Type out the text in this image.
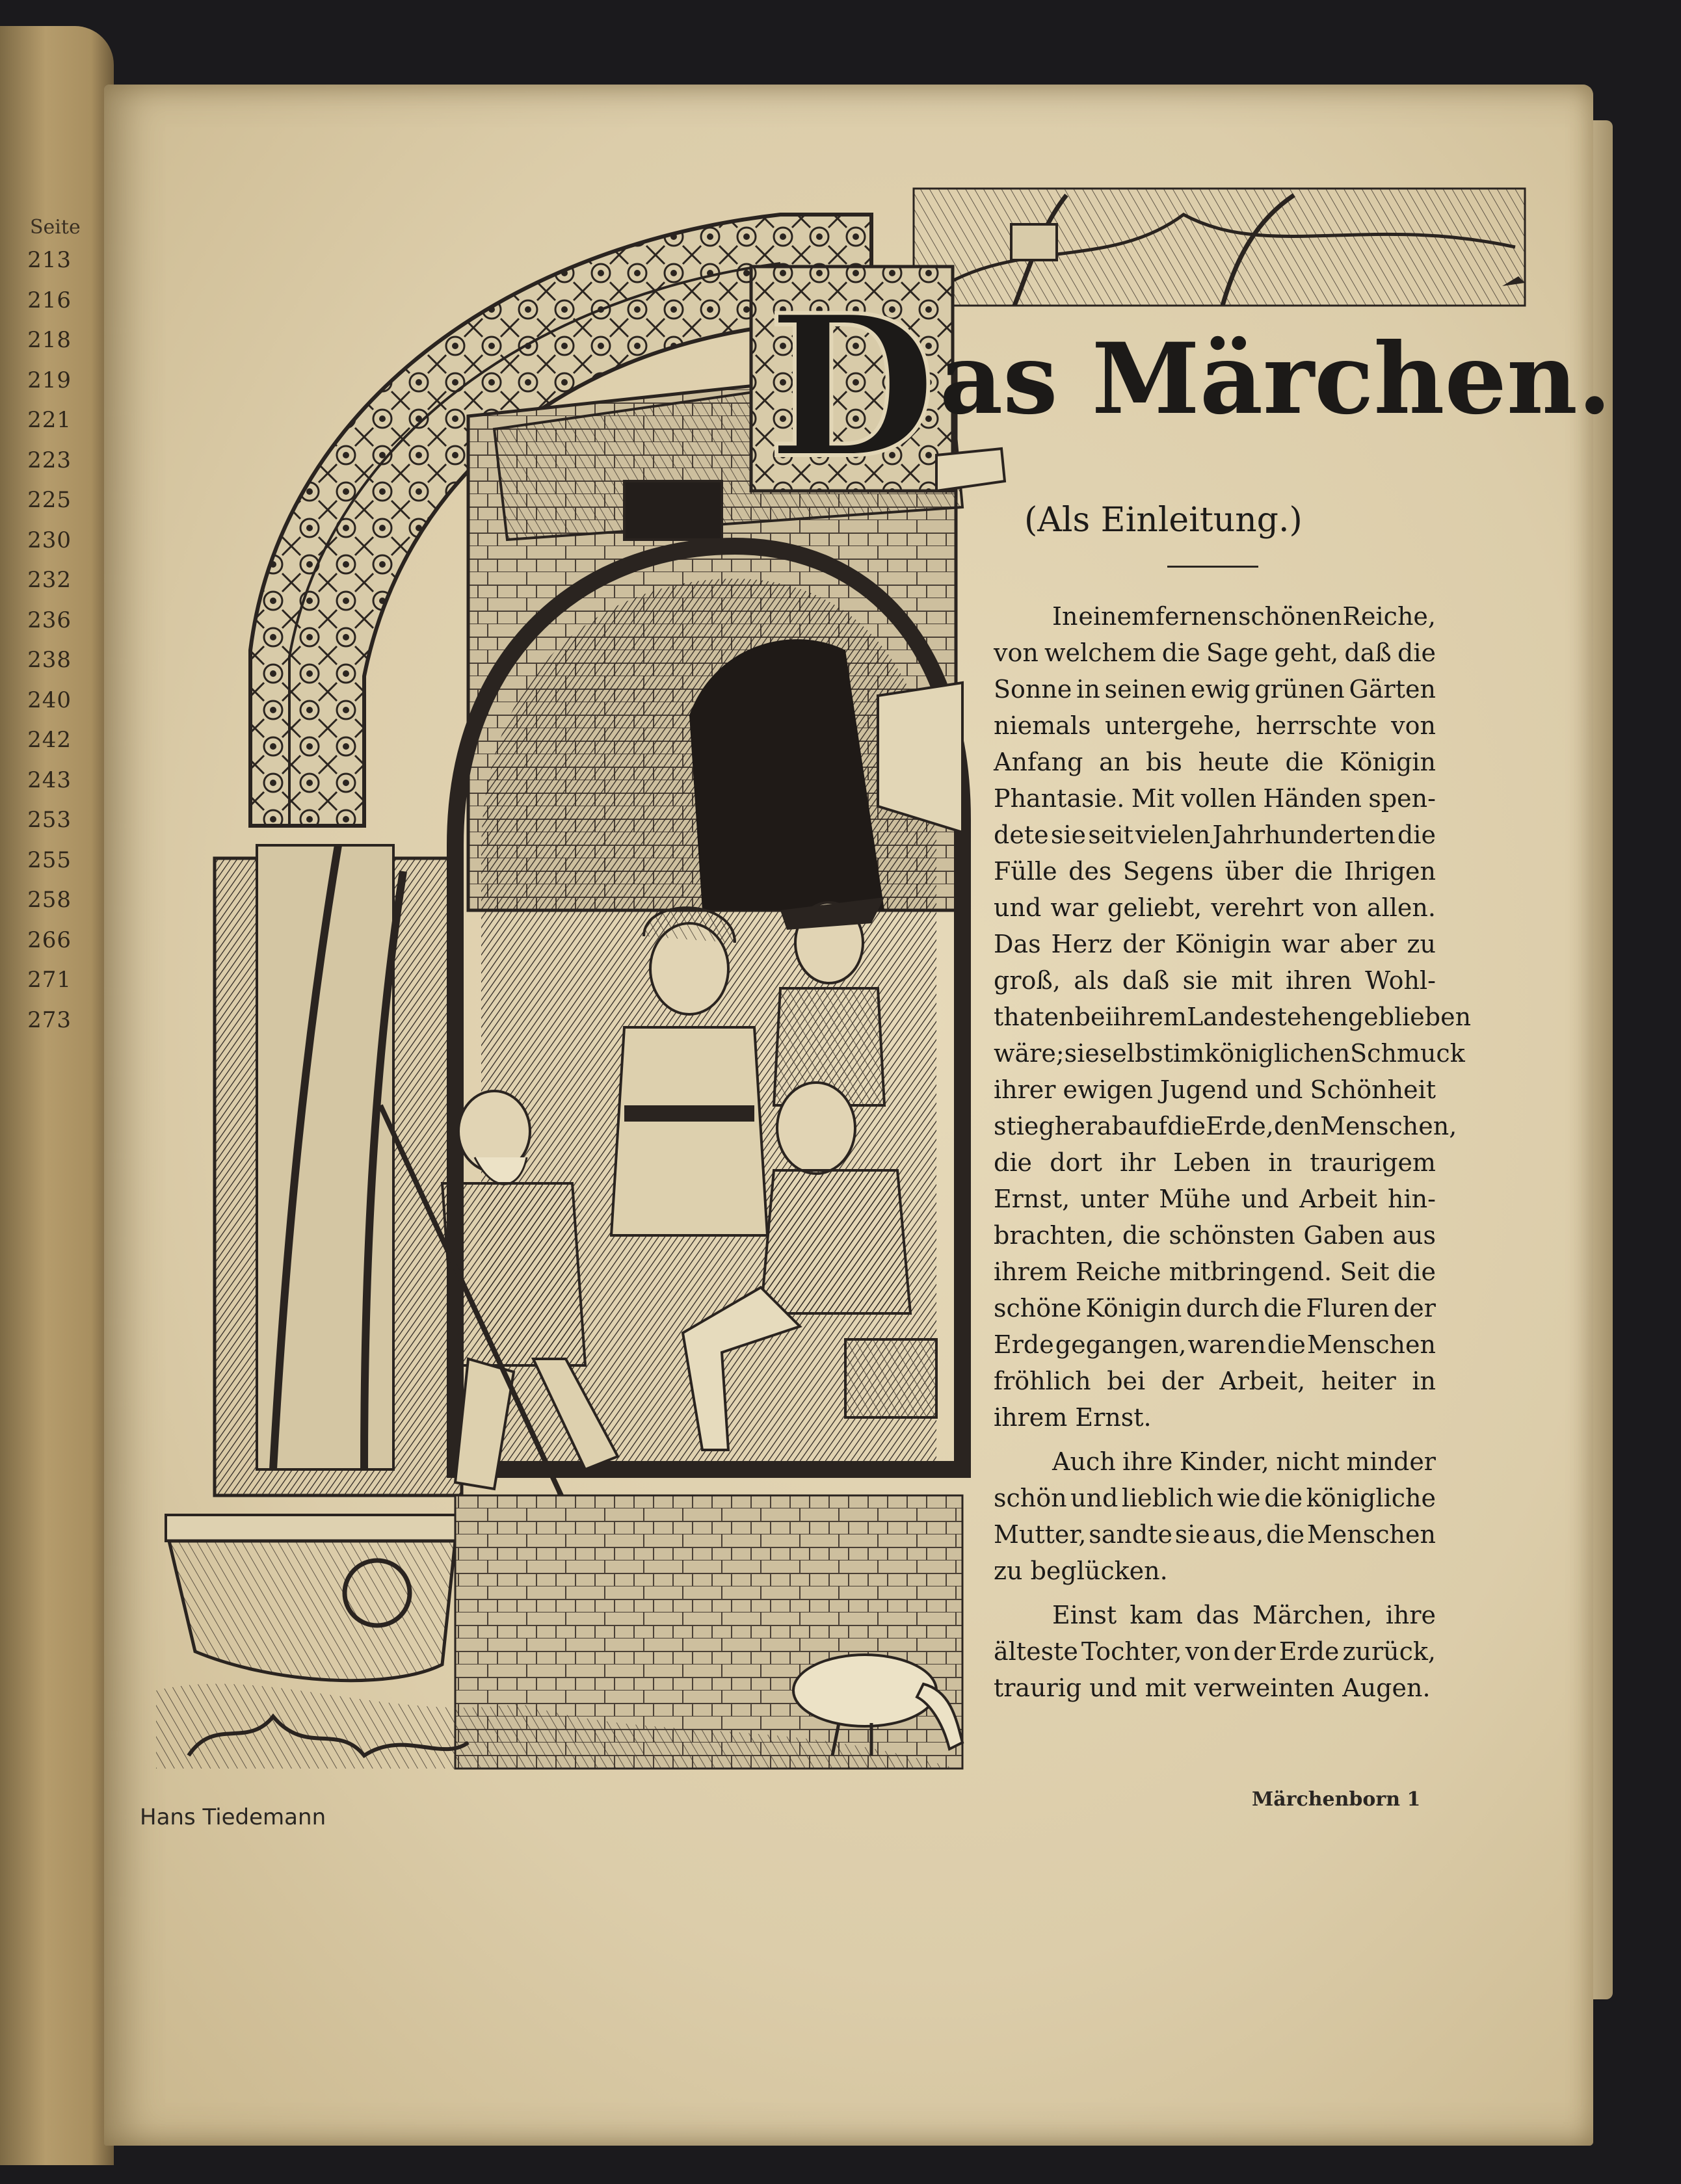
Seite
213
216
218
219
221
223
225
230
232
236
238
240
242
243
253
255
258
266
271
273
D as Märchen.
(Als Einleitung.)
In einem fernen schönen Reiche,
von welchem die Sage geht, daß die
Sonne in seinen ewig grünen Gärten
niemals untergehe, herrschte von
Anfang an bis heute die Königin
Phantasie. Mit vollen Händen spen-
dete sie seit vielen Jahrhunderten die
Fülle des Segens über die Ihrigen
und war geliebt, verehrt von allen.
Das Herz der Königin war aber zu
groß, als daß sie mit ihren Wohl-
thaten bei ihrem Lande stehen geblieben
wäre; sie selbst im königlichen Schmuck
ihrer ewigen Jugend und Schönheit
stieg herab auf die Erde, den Menschen,
die dort ihr Leben in traurigem
Ernst, unter Mühe und Arbeit hin-
brachten, die schönsten Gaben aus
ihrem Reiche mitbringend. Seit die
schöne Königin durch die Fluren der
Erde gegangen, waren die Menschen
fröhlich bei der Arbeit, heiter in
ihrem Ernst.
Auch ihre Kinder, nicht minder
schön und lieblich wie die königliche
Mutter, sandte sie aus, die Menschen
zu beglücken.
Einst kam das Märchen, ihre
älteste Tochter, von der Erde zurück,
traurig und mit verweinten Augen.
Märchenborn 1
Hans Tiedemann
